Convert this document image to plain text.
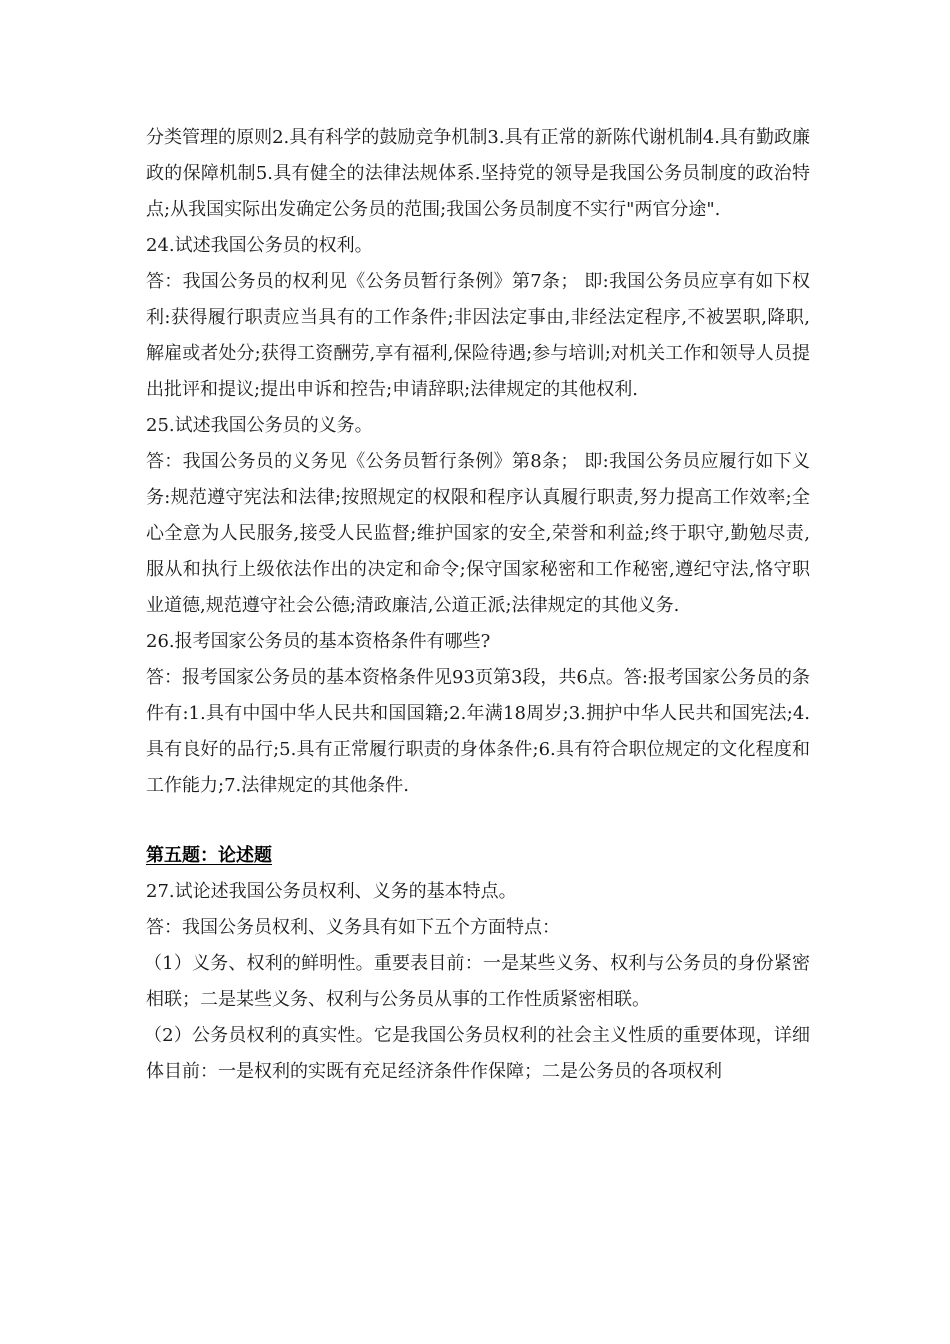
分类管理的原则2.具有科学的鼓励竞争机制3.具有正常的新陈代谢机制4.具有勤政廉政的保障机制5.具有健全的法律法规体系.坚持党的领导是我国公务员制度的政治特点;从我国实际出发确定公务员的范围;我国公务员制度不实行"两官分途".

24.试述我国公务员的权利。

答：我国公务员的权利见《公务员暂行条例》第7条； 即:我国公务员应享有如下权利:获得履行职责应当具有的工作条件;非因法定事由,非经法定程序,不被罢职,降职,解雇或者处分;获得工资酬劳,享有福利,保险待遇;参与培训;对机关工作和领导人员提出批评和提议;提出申诉和控告;申请辞职;法律规定的其他权利.

25.试述我国公务员的义务。

答：我国公务员的义务见《公务员暂行条例》第8条； 即:我国公务员应履行如下义务:规范遵守宪法和法律;按照规定的权限和程序认真履行职责,努力提高工作效率;全心全意为人民服务,接受人民监督;维护国家的安全,荣誉和利益;终于职守,勤勉尽责,服从和执行上级依法作出的决定和命令;保守国家秘密和工作秘密,遵纪守法,恪守职业道德,规范遵守社会公德;清政廉洁,公道正派;法律规定的其他义务.

26.报考国家公务员的基本资格条件有哪些?

答：报考国家公务员的基本资格条件见93页第3段，共6点。答:报考国家公务员的条件有:1.具有中国中华人民共和国国籍;2.年满18周岁;3.拥护中华人民共和国宪法;4.具有良好的品行;5.具有正常履行职责的身体条件;6.具有符合职位规定的文化程度和工作能力;7.法律规定的其他条件.

第五题：论述题

27.试论述我国公务员权利、义务的基本特点。

答：我国公务员权利、义务具有如下五个方面特点：

（1）义务、权利的鲜明性。重要表目前：一是某些义务、权利与公务员的身份紧密相联；二是某些义务、权利与公务员从事的工作性质紧密相联。

（2）公务员权利的真实性。它是我国公务员权利的社会主义性质的重要体现，详细体目前：一是权利的实既有充足经济条件作保障；二是公务员的各项权利
